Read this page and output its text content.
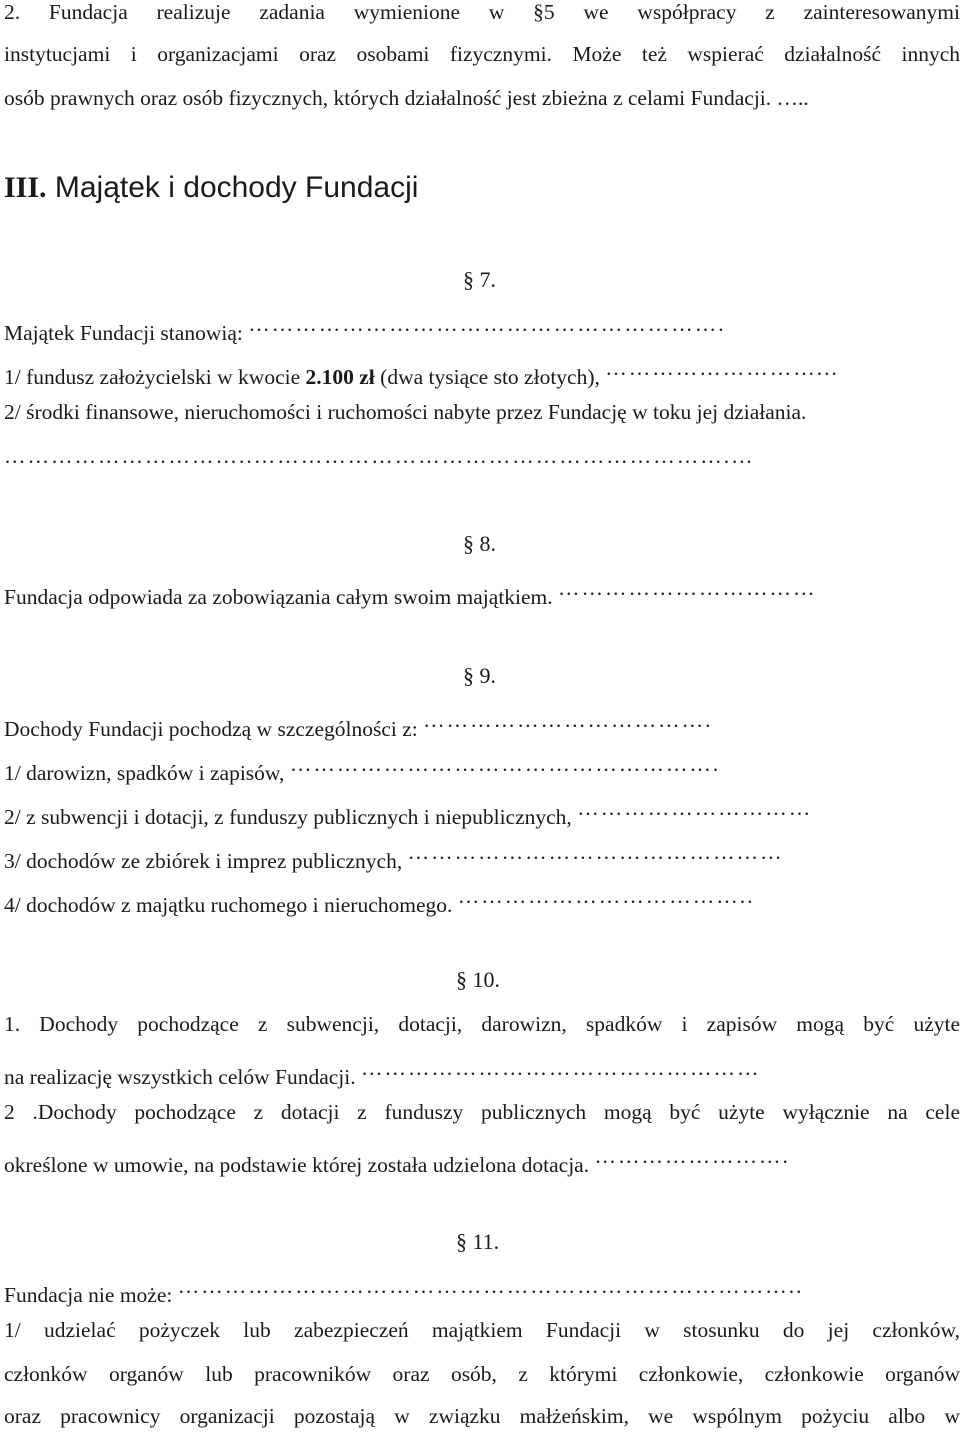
2. Fundacja realizuje zadania wymienione w §5 we współpracy z zainteresowanymi
instytucjami i organizacjami oraz osobami fizycznymi. Może też wspierać działalność innych
osób prawnych oraz osób fizycznych, których działalność jest zbieżna z celami Fundacji. …..
III. Majątek i dochody Fundacji
§ 7.
Majątek Fundacji stanowią: …………………………………………………….
1/ fundusz założycielski w kwocie 2.100 zł (dwa tysiące sto złotych), ………………………...
2/ środki finansowe, nieruchomości i ruchomości nabyte przez Fundację w toku jej działania.
…………………………..…………………………………………………….…
§ 8.
Fundacja odpowiada za zobowiązania całym swoim majątkiem. ……………………………
§ 9.
Dochody Fundacji pochodzą w szczególności z: ……………………………….
1/ darowizn, spadków i zapisów, ……………………………………………….
2/ z subwencji i dotacji, z funduszy publicznych i niepublicznych, …………………………
3/ dochodów ze zbiórek i imprez publicznych, …………………………………………
4/ dochodów z majątku ruchomego i nieruchomego. ………………………………..
§ 10.
1. Dochody pochodzące z subwencji, dotacji, darowizn, spadków i zapisów mogą być użyte
na realizację wszystkich celów Fundacji. ……………………………………………
2 .Dochody pochodzące z dotacji z funduszy publicznych mogą być użyte wyłącznie na cele
określone w umowie, na podstawie której została udzielona dotacja. …………………….
§ 11.
Fundacja nie może: ……………………………………………………………………..
1/ udzielać pożyczek lub zabezpieczeń majątkiem Fundacji w stosunku do jej członków,
członków organów lub pracowników oraz osób, z którymi członkowie, członkowie organów
oraz pracownicy organizacji pozostają w związku małżeńskim, we wspólnym pożyciu albo w
